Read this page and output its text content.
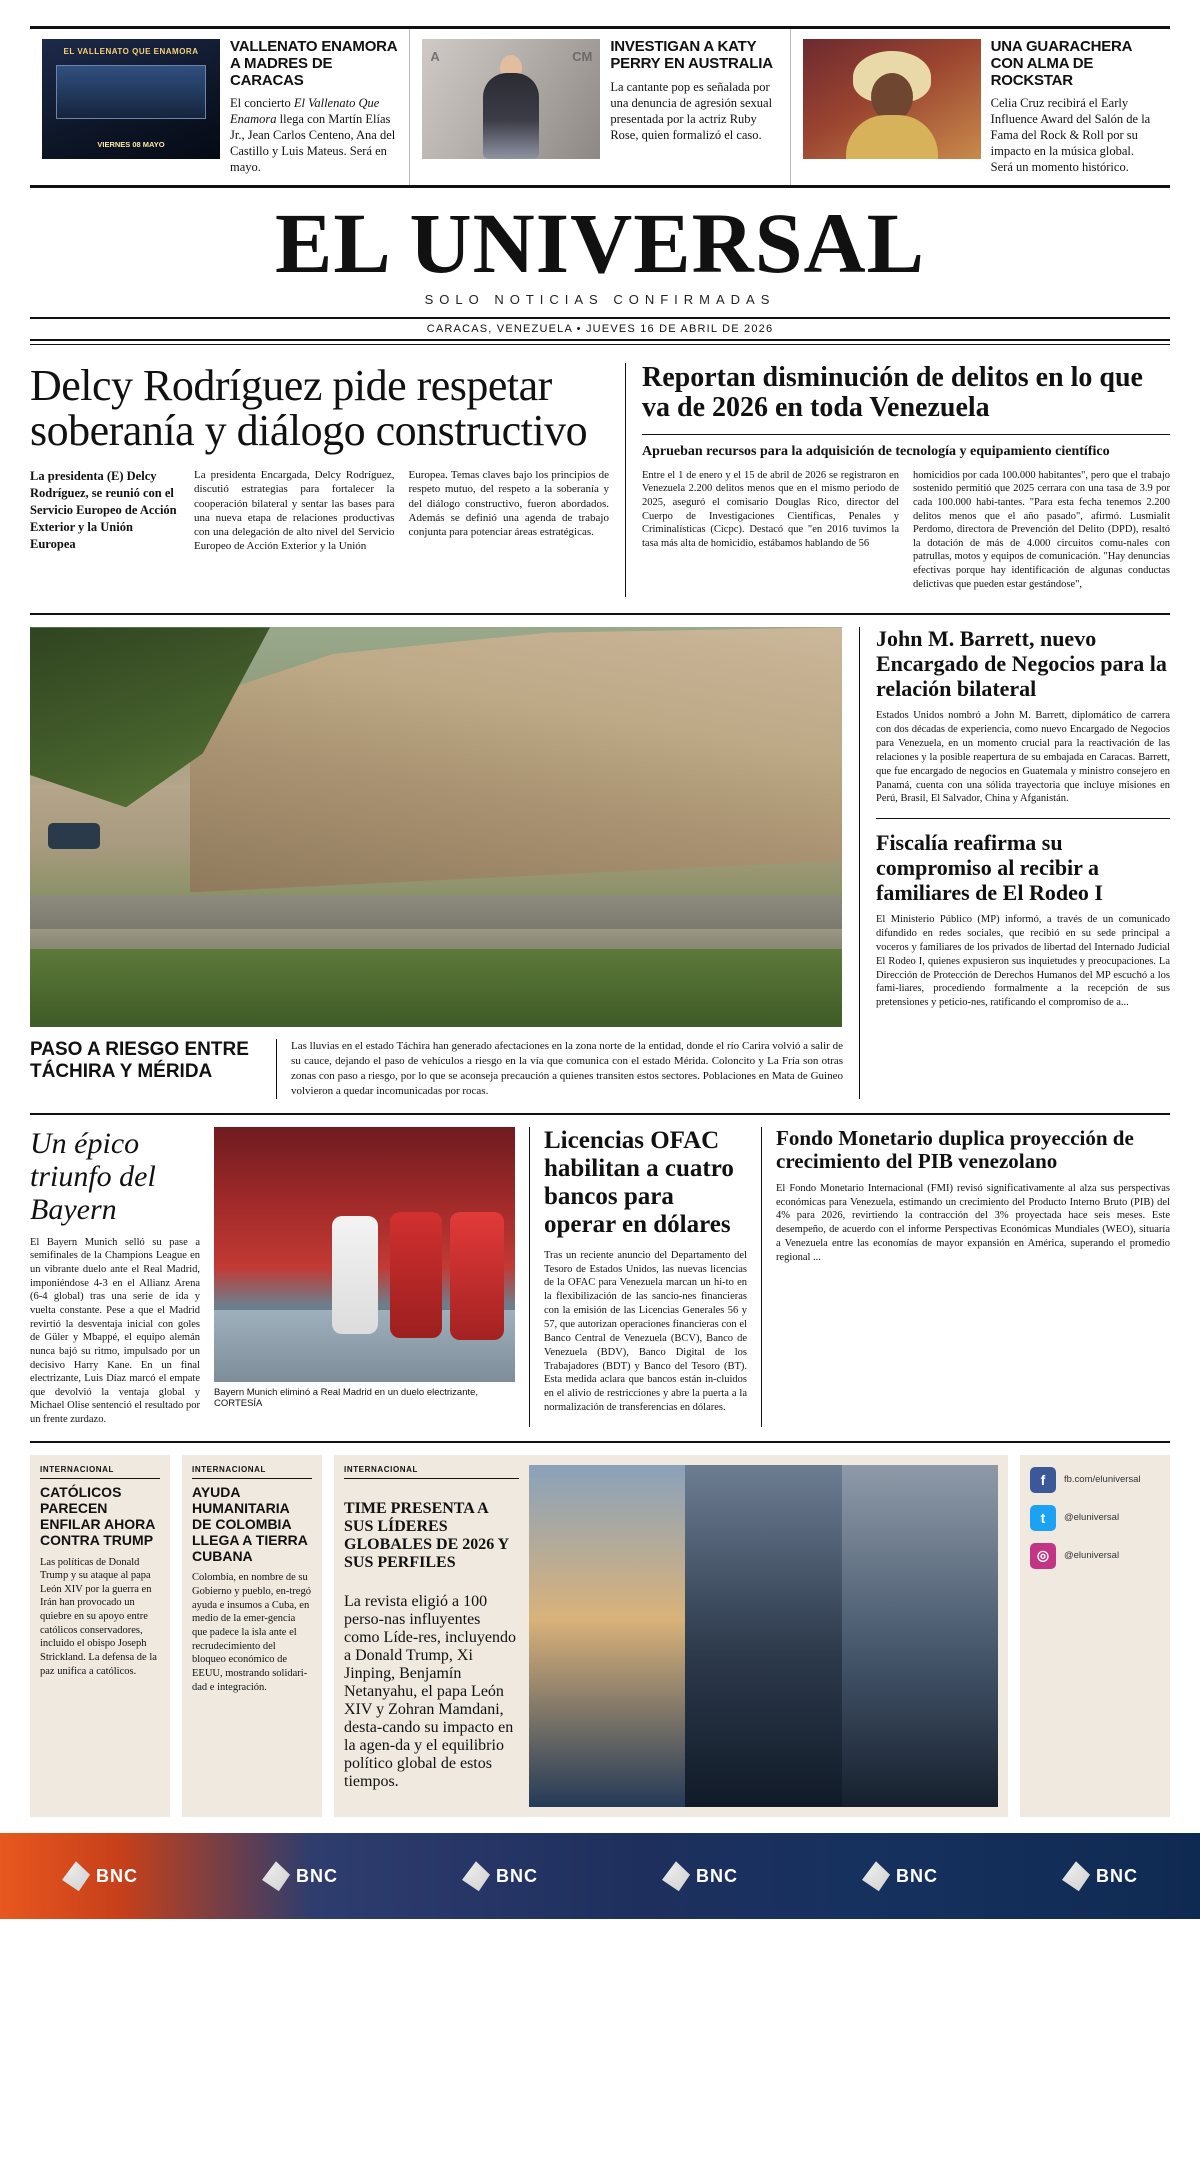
EL VALLENATO QUE ENAMORA
VIERNES 08 MAYO
VALLENATO ENAMORA A MADRES DE CARACAS

El concierto El Vallenato Que Enamora llega con Martín Elías Jr., Jean Carlos Centeno, Ana del Castillo y Luis Mateus. Será en mayo.

A	CM
INVESTIGAN A KATY PERRY EN AUSTRALIA

La cantante pop es señalada por una denuncia de agresión sexual presentada por la actriz Ruby Rose, quien formalizó el caso.

UNA GUARACHERA CON ALMA DE ROCKSTAR

Celia Cruz recibirá el Early Influence Award del Salón de la Fama del Rock & Roll por su impacto en la música global. Será un momento histórico.

EL UNIVERSAL
SOLO NOTICIAS CONFIRMADAS
CARACAS, VENEZUELA • JUEVES 16 DE ABRIL DE 2026
Delcy Rodríguez pide respetar soberanía y diálogo constructivo
La presidenta (E) Delcy Rodríguez, se reunió con el Servicio Europeo de Acción Exterior y la Unión Europea

La presidenta Encargada, Delcy Rodríguez, discutió estrategias para fortalecer la cooperación bilateral y sentar las bases para una nueva etapa de relaciones productivas con una delegación de alto nivel del Servicio Europeo de Acción Exterior y la Unión

Europea. Temas claves bajo los principios de respeto mutuo, del respeto a la soberanía y del diálogo constructivo, fueron abordados. Además se definió una agenda de trabajo conjunta para potenciar áreas estratégicas.

Reportan disminución de delitos en lo que va de 2026 en toda Venezuela
Aprueban recursos para la adquisición de tecnología y equipamiento científico

Entre el 1 de enero y el 15 de abril de 2026 se registraron en Venezuela 2.200 delitos menos que en el mismo periodo de 2025, aseguró el comisario Douglas Rico, director del Cuerpo de Investigaciones Científicas, Penales y Criminalísticas (Cicpc). Destacó que "en 2016 tuvimos la tasa más alta de homicidio, estábamos hablando de 56

homicidios por cada 100.000 habitantes", pero que el trabajo sostenido permitió que 2025 cerrara con una tasa de 3.9 por cada 100.000 habi-tantes. "Para esta fecha tenemos 2.200 delitos menos que el año pasado", afirmó. Lusmialit Perdomo, directora de Prevención del Delito (DPD), resaltó la dotación de más de 4.000 circuitos comu-nales con patrullas, motos y equipos de comunicación. "Hay denuncias efectivas porque hay identificación de algunas conductas delictivas que pueden estar gestándose",

PASO A RIESGO ENTRE TÁCHIRA Y MÉRIDA
Las lluvias en el estado Táchira han generado afectaciones en la zona norte de la entidad, donde el río Carira volvió a salir de su cauce, dejando el paso de vehículos a riesgo en la vía que comunica con el estado Mérida. Coloncito y La Fría son otras zonas con paso a riesgo, por lo que se aconseja precaución a quienes transiten estos sectores. Poblaciones en Mata de Guineo volvieron a quedar incomunicadas por rocas.
John M. Barrett, nuevo Encargado de Negocios para la relación bilateral

Estados Unidos nombró a John M. Barrett, diplomático de carrera con dos décadas de experiencia, como nuevo Encargado de Negocios para Venezuela, en un momento crucial para la reactivación de las relaciones y la posible reapertura de su embajada en Caracas. Barrett, que fue encargado de negocios en Guatemala y ministro consejero en Panamá, cuenta con una sólida trayectoria que incluye misiones en Perú, Brasil, El Salvador, China y Afganistán.

Fiscalía reafirma su compromiso al recibir a familiares de El Rodeo I

El Ministerio Público (MP) informó, a través de un comunicado difundido en redes sociales, que recibió en su sede principal a voceros y familiares de los privados de libertad del Internado Judicial El Rodeo I, quienes expusieron sus inquietudes y preocupaciones. La Dirección de Protección de Derechos Humanos del MP escuchó a los fami-liares, procediendo formalmente a la recepción de sus pretensiones y peticio-nes, ratificando el compromiso de a...

Un épico triunfo del Bayern

El Bayern Munich selló su pase a semifinales de la Champions League en un vibrante duelo ante el Real Madrid, imponiéndose 4-3 en el Allianz Arena (6-4 global) tras una serie de ida y vuelta constante. Pese a que el Madrid revirtió la desventaja inicial con goles de Güler y Mbappé, el equipo alemán nunca bajó su ritmo, impulsado por un decisivo Harry Kane. En un final electrizante, Luis Díaz marcó el empate que devolvió la ventaja global y Michael Olise sentenció el resultado por un frente zurdazo.

Bayern Munich eliminó a Real Madrid en un duelo electrizante, CORTESÍA
Licencias OFAC habilitan a cuatro bancos para operar en dólares

Tras un reciente anuncio del Departamento del Tesoro de Estados Unidos, las nuevas licencias de la OFAC para Venezuela marcan un hi-to en la flexibilización de las sancio-nes financieras con la emisión de las Licencias Generales 56 y 57, que autorizan operaciones financieras con el Banco Central de Venezuela (BCV), Banco de Venezuela (BDV), Banco Digital de los Trabajadores (BDT) y Banco del Tesoro (BT). Esta medida aclara que bancos están in-cluidos en el alivio de restricciones y abre la puerta a la normalización de transferencias en dólares.

Fondo Monetario duplica proyección de crecimiento del PIB venezolano

El Fondo Monetario Internacional (FMI) revisó significativamente al alza sus perspectivas económicas para Venezuela, estimando un crecimiento del Producto Interno Bruto (PIB) del 4% para 2026, revirtiendo la contracción del 3% proyectada hace seis meses. Este desempeño, de acuerdo con el informe Perspectivas Económicas Mundiales (WEO), situaría a Venezuela entre las economías de mayor expansión en América, superando el promedio regional ...

INTERNACIONAL
CATÓLICOS PARECEN ENFILAR AHORA CONTRA TRUMP

Las políticas de Donald Trump y su ataque al papa León XIV por la guerra en Irán han provocado un quiebre en su apoyo entre católicos conservadores, incluido el obispo Joseph Strickland. La defensa de la paz unifica a católicos.

INTERNACIONAL
AYUDA HUMANITARIA DE COLOMBIA LLEGA A TIERRA CUBANA

Colombia, en nombre de su Gobierno y pueblo, en-tregó ayuda e insumos a Cuba, en medio de la emer-gencia que padece la isla ante el recrudecimiento del bloqueo económico de EEUU, mostrando solidari-dad e integración.

INTERNACIONAL
TIME PRESENTA A SUS LÍDERES GLOBALES DE 2026 Y SUS PERFILES

La revista eligió a 100 perso-nas influyentes como Líde-res, incluyendo a Donald Trump, Xi Jinping, Benjamín Netanyahu, el papa León XIV y Zohran Mamdani, desta-cando su impacto en la agen-da y el equilibrio político global de estos tiempos.

f fb.com/eluniversal
t @eluniversal
◎ @eluniversal
BNC	BNC	BNC	BNC	BNC	BNC
